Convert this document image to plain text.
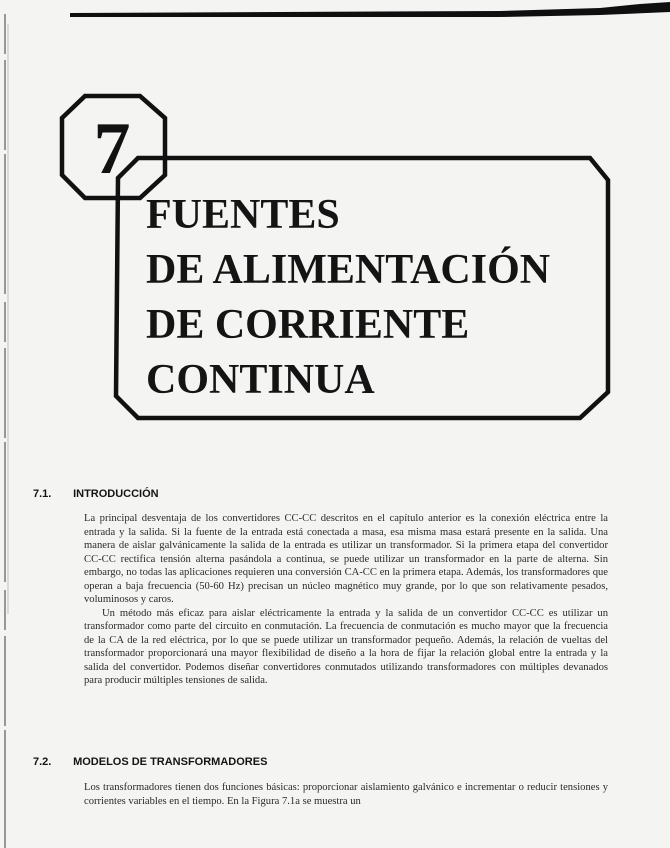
7
FUENTES
DE ALIMENTACIÓN
DE CORRIENTE
CONTINUA
7.1. INTRODUCCIÓN

La principal desventaja de los convertidores CC-CC descritos en el capítulo anterior es la conexión eléctrica entre la entrada y la salida. Si la fuente de la entrada está conectada a masa, esa misma masa estará presente en la salida. Una manera de aislar galvánicamente la salida de la entrada es utilizar un transformador. Si la primera etapa del convertidor CC-CC rectifica tensión alterna pasándola a continua, se puede utilizar un transformador en la parte de alterna. Sin embargo, no todas las aplicaciones requieren una conversión CA-CC en la primera etapa. Además, los transformadores que operan a baja frecuencia (50-60 Hz) precisan un núcleo magnético muy grande, por lo que son relativamente pesados, voluminosos y caros.

Un método más eficaz para aislar eléctricamente la entrada y la salida de un convertidor CC-CC es utilizar un transformador como parte del circuito en conmutación. La frecuencia de conmutación es mucho mayor que la frecuencia de la CA de la red eléctrica, por lo que se puede utilizar un transformador pequeño. Además, la relación de vueltas del transformador proporcionará una mayor flexibilidad de diseño a la hora de fijar la relación global entre la entrada y la salida del convertidor. Podemos diseñar convertidores conmutados utilizando transformadores con múltiples devanados para producir múltiples tensiones de salida.

7.2. MODELOS DE TRANSFORMADORES

Los transformadores tienen dos funciones básicas: proporcionar aislamiento galvánico e incrementar o reducir tensiones y corrientes variables en el tiempo. En la Figura 7.1a se muestra un
